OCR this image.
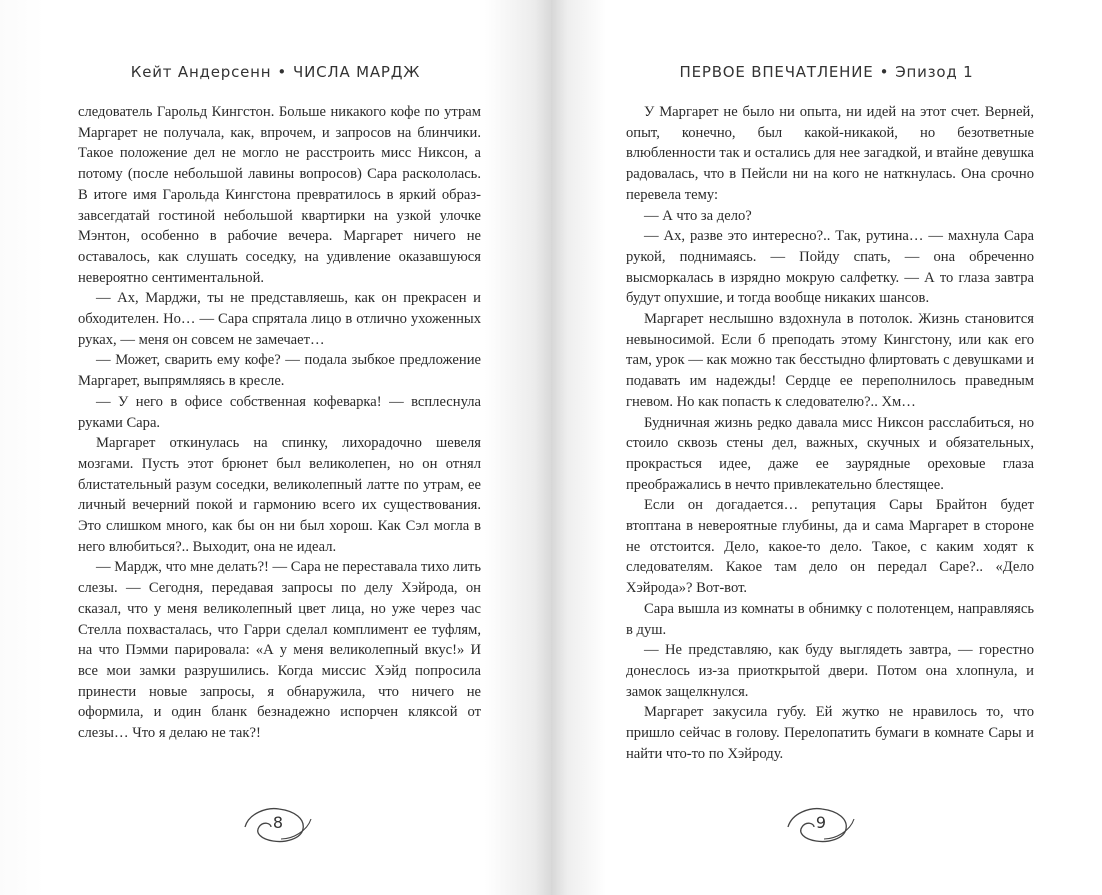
Кейт Андерсенн • ЧИСЛА МАРДЖ

следователь Гарольд Кингстон. Больше никакого кофе по утрам Маргарет не получала, как, впрочем, и запросов на блинчики. Такое положение дел не могло не расстроить мисс Никсон, а потому (после небольшой лавины вопросов) Сара раскололась. В итоге имя Гарольда Кингстона превратилось в яркий образ-завсегдатай гостиной небольшой квартирки на узкой улочке Мэнтон, особенно в рабочие вечера. Маргарет ничего не оставалось, как слушать соседку, на удивление оказавшуюся невероятно сентиментальной.

— Ах, Марджи, ты не представляешь, как он прекрасен и обходителен. Но… — Сара спрятала лицо в отлично ухоженных руках, — меня он совсем не замечает…

— Может, сварить ему кофе? — подала зыбкое предложение Маргарет, выпрямляясь в кресле.

— У него в офисе собственная кофеварка! — всплеснула руками Сара.

Маргарет откинулась на спинку, лихорадочно шевеля мозгами. Пусть этот брюнет был великолепен, но он отнял блистательный разум соседки, великолепный латте по утрам, ее личный вечерний покой и гармонию всего их существования. Это слишком много, как бы он ни был хорош. Как Сэл могла в него влюбиться?.. Выходит, она не идеал.

— Мардж, что мне делать?! — Сара не переставала тихо лить слезы. — Сегодня, передавая запросы по делу Хэйрода, он сказал, что у меня великолепный цвет лица, но уже через час Стелла похвасталась, что Гарри сделал комплимент ее туфлям, на что Пэмми парировала: «А у меня великолепный вкус!» И все мои замки разрушились. Когда миссис Хэйд попросила принести новые запросы, я обнаружила, что ничего не оформила, и один бланк безнадежно испорчен кляксой от слезы… Что я делаю не так?!

8
ПЕРВОЕ ВПЕЧАТЛЕНИЕ • Эпизод 1

У Маргарет не было ни опыта, ни идей на этот счет. Верней, опыт, конечно, был какой-никакой, но безответные влюбленности так и остались для нее загадкой, и втайне девушка радовалась, что в Пейсли ни на кого не наткнулась. Она срочно перевела тему:

— А что за дело?

— Ах, разве это интересно?.. Так, рутина… — махнула Сара рукой, поднимаясь. — Пойду спать, — она обреченно высморкалась в изрядно мокрую салфетку. — А то глаза завтра будут опухшие, и тогда вообще никаких шансов.

Маргарет неслышно вздохнула в потолок. Жизнь становится невыносимой. Если б преподать этому Кингстону, или как его там, урок — как можно так бесстыдно флиртовать с девушками и подавать им надежды! Сердце ее переполнилось праведным гневом. Но как попасть к следователю?.. Хм…

Будничная жизнь редко давала мисс Никсон расслабиться, но стоило сквозь стены дел, важных, скучных и обязательных, прокрасться идее, даже ее заурядные ореховые глаза преображались в нечто привлекательно блестящее.

Если он догадается… репутация Сары Брайтон будет втоптана в невероятные глубины, да и сама Маргарет в стороне не отстоится. Дело, какое-то дело. Такое, с каким ходят к следователям. Какое там дело он передал Саре?.. «Дело Хэйрода»? Вот-вот.

Сара вышла из комнаты в обнимку с полотенцем, направляясь в душ.

— Не представляю, как буду выглядеть завтра, — горестно донеслось из-за приоткрытой двери. Потом она хлопнула, и замок защелкнулся.

Маргарет закусила губу. Ей жутко не нравилось то, что пришло сейчас в голову. Перелопатить бумаги в комнате Сары и найти что-то по Хэйроду.

9
